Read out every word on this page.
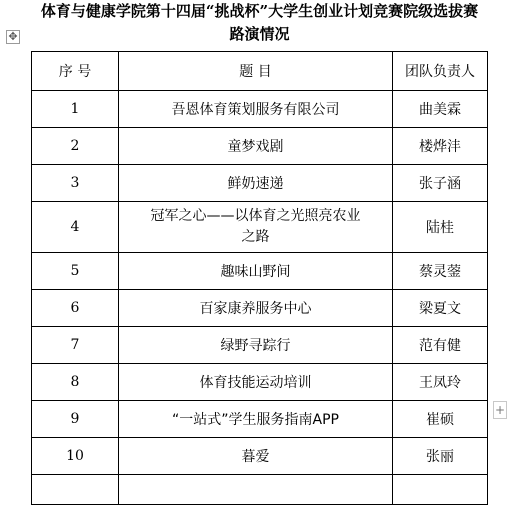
体育与健康学院第十四届“挑战杯”大学生创业计划竞赛院级选拔赛
路演情况
✥
序 号	题 目	团队负责人
1	吾恩体育策划服务有限公司	曲美霖
2	童梦戏剧	楼烨沣
3	鲜奶速递	张子涵
4	冠军之心——以体育之光照亮农业之路	陆桂
5	趣味山野间	蔡灵蓥
6	百家康养服务中心	梁夏文
7	绿野寻踪行	范有健
8	体育技能运动培训	王凤玲
9	“一站式”学生服务指南APP	崔硕
10	暮爱	张丽

+
